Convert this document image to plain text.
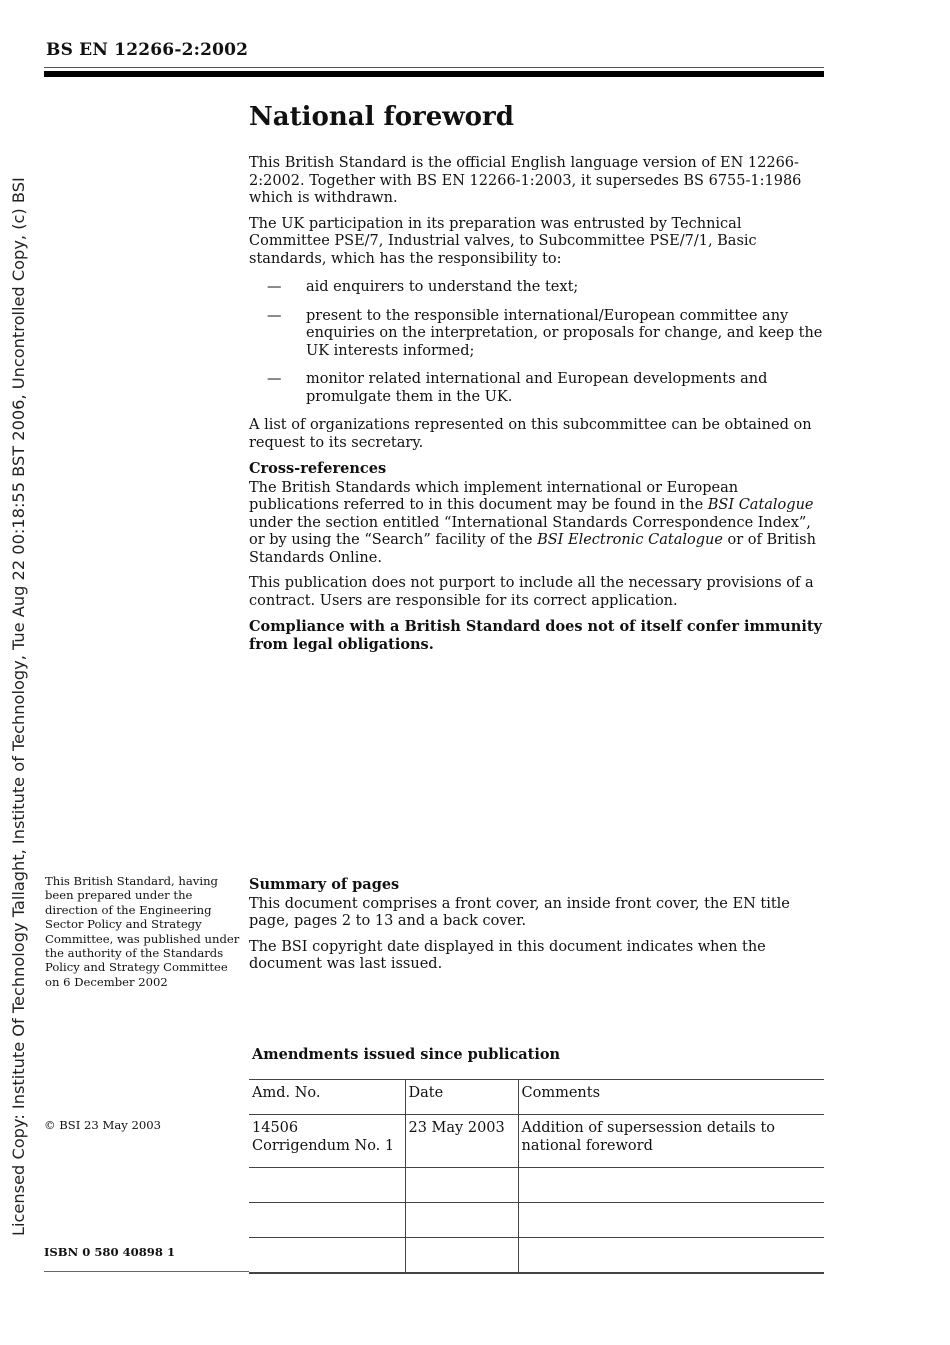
BS EN 12266-2:2002
Licensed Copy: Institute Of Technology Tallaght, Institute of Technology, Tue Aug 22 00:18:55 BST 2006, Uncontrolled Copy, (c) BSI
National foreword

This British Standard is the official English language version of EN 12266-2:2002. Together with BS EN 12266-1:2003, it supersedes BS 6755-1:1986 which is withdrawn.

The UK participation in its preparation was entrusted by Technical Committee PSE/7, Industrial valves, to Subcommittee PSE/7/1, Basic standards, which has the responsibility to:

— aid enquirers to understand the text;
— present to the responsible international/European committee any enquiries on the interpretation, or proposals for change, and keep the UK interests informed;
— monitor related international and European developments and promulgate them in the UK.

A list of organizations represented on this subcommittee can be obtained on request to its secretary.

Cross-references

The British Standards which implement international or European publications referred to in this document may be found in the BSI Catalogue under the section entitled “International Standards Correspondence Index”, or by using the “Search” facility of the BSI Electronic Catalogue or of British Standards Online.

This publication does not purport to include all the necessary provisions of a contract. Users are responsible for its correct application.

Compliance with a British Standard does not of itself confer immunity from legal obligations.

This British Standard, having been prepared under the direction of the Engineering Sector Policy and Strategy Committee, was published under the authority of the Standards Policy and Strategy Committee on 6 December 2002
© BSI 23 May 2003
ISBN 0 580 40898 1

Summary of pages

This document comprises a front cover, an inside front cover, the EN title page, pages 2 to 13 and a back cover.

The BSI copyright date displayed in this document indicates when the document was last issued.

Amendments issued since publication
Amd. No.	Date	Comments

14506
Corrigendum No. 1	23 May 2003	Addition of supersession details to national foreword
